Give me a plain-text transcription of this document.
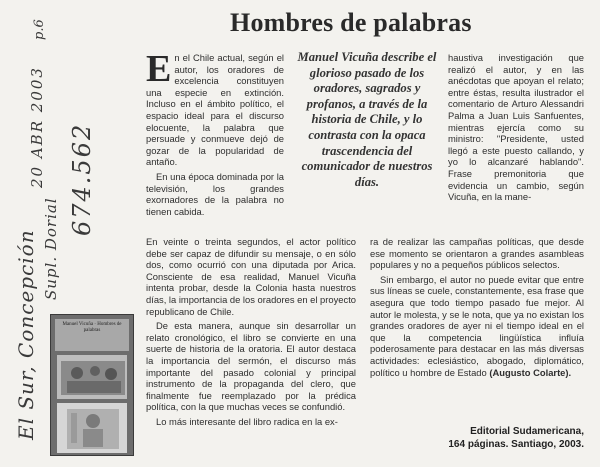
El Sur, Concepción Supl. Dorial
674.562
20 ABR 2003
p.6	Hombres de palabras

En el Chile actual, según el autor, los oradores de excelencia constituyen una especie en extinción. Incluso en el ámbito político, el espacio ideal para el discurso elocuente, la palabra que persuade y conmueve dejó de gozar de la popularidad de antaño.

En una época dominada por la televisión, los grandes exornadores de la palabra no tienen cabida.

Manuel Vicuña describe el glorioso pasado de los oradores, sagrados y profanos, a través de la historia de Chile, y lo contrasta con la opaca trascendencia del comunicador de nuestros días.

haustiva investigación que realizó el autor, y en las anécdotas que apoyan el relato; entre éstas, resulta ilustrador el comentario de Arturo Alessandri Palma a Juan Luis Sanfuentes, mientras ejercía como su ministro: "Presidente, usted llegó a este puesto callando, y yo lo alcanzaré hablando". Frase premonitoria que evidencia un cambio, según Vicuña, en la mane-

En veinte o treinta segundos, el actor político debe ser capaz de difundir su mensaje, o en sólo dos, como ocurrió con una diputada por Arica. Consciente de esa realidad, Manuel Vicuña intenta probar, desde la Colonia hasta nuestros días, la importancia de los oradores en el proyecto republicano de Chile.

De esta manera, aunque sin desarrollar un relato cronológico, el libro se convierte en una suerte de historia de la oratoria. El autor destaca la importancia del sermón, el discurso más importante del pasado colonial y principal instrumento de la propaganda del clero, que finalmente fue reemplazado por la prédica política, con la que muchas veces se confundió.

Lo más interesante del libro radica en la ex-

ra de realizar las campañas políticas, que desde ese momento se orientaron a grandes asambleas populares y no a pequeños públicos selectos.

Sin embargo, el autor no puede evitar que entre sus líneas se cuele, constantemente, esa frase que asegura que todo tiempo pasado fue mejor. Al autor le molesta, y se le nota, que ya no existan los grandes oradores de ayer ni el tiempo ideal en el que la competencia lingüística influía poderosamente para destacar en las más diversas actividades: eclesiástico, abogado, diplomático, político u hombre de Estado (Augusto Colarte).

Editorial Sudamericana,
164 páginas. Santiago, 2003.
Manuel Vicuña · Hombres de palabras
